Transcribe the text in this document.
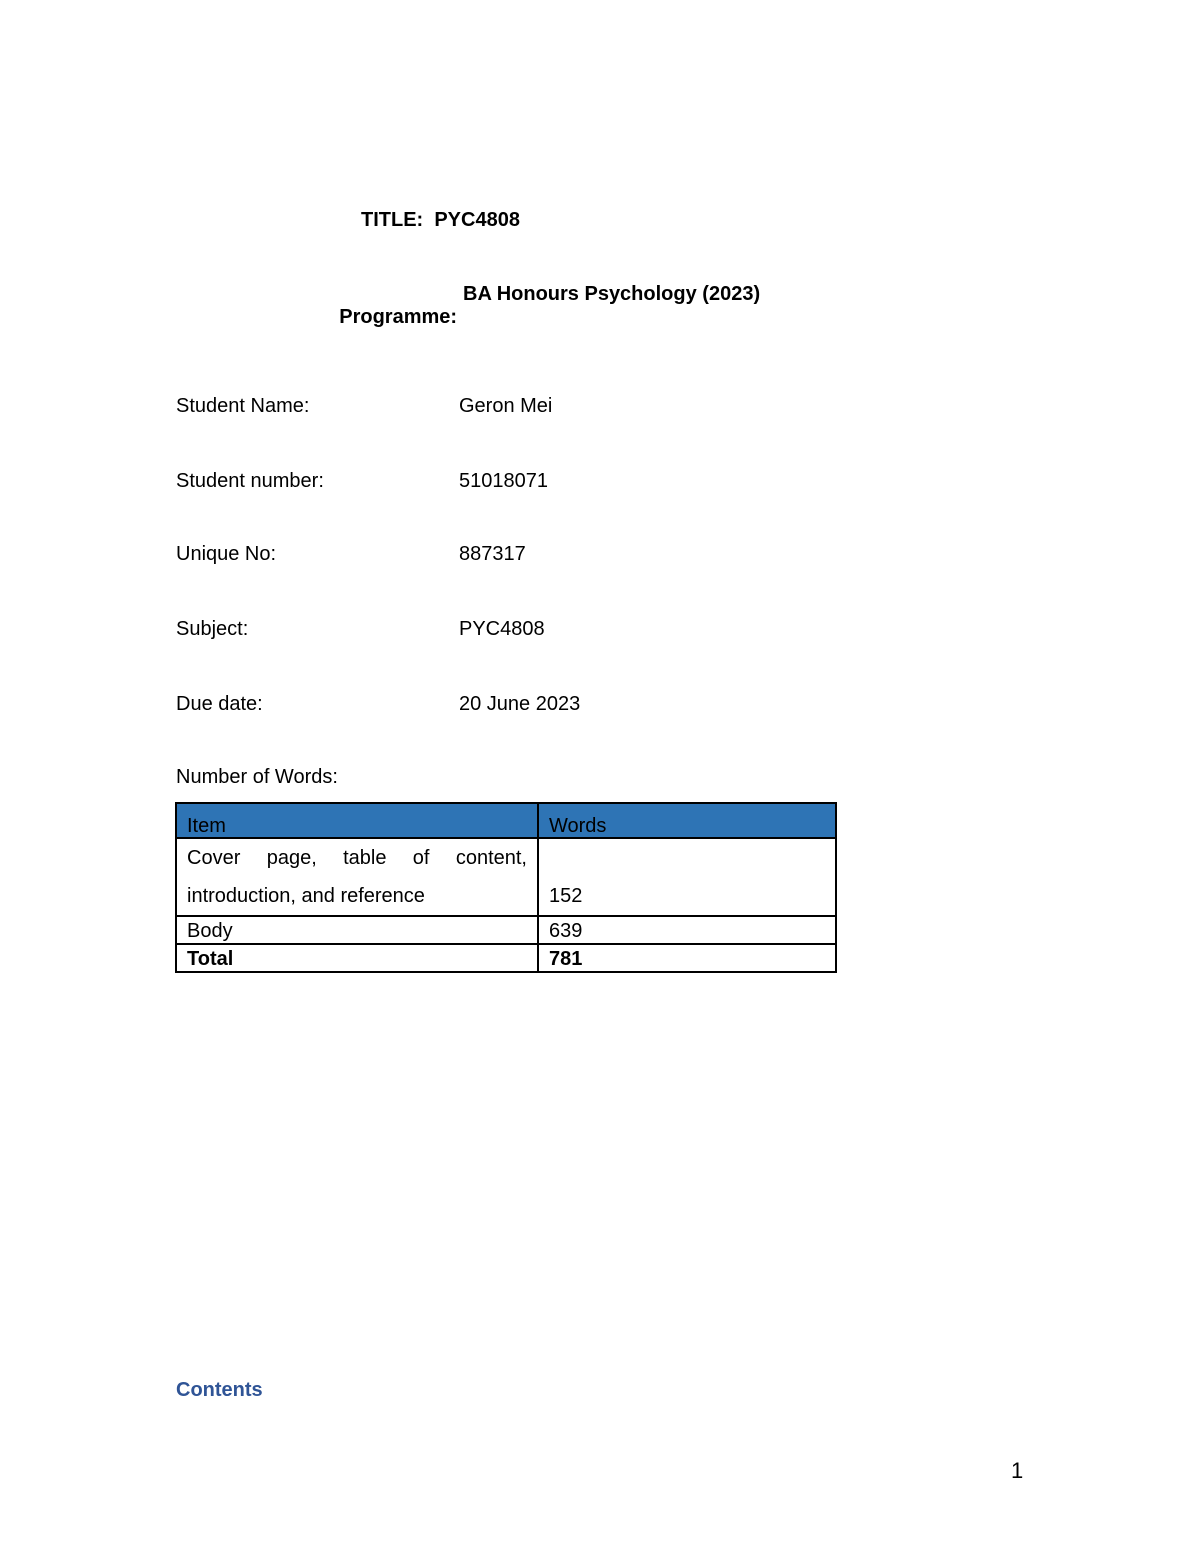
TITLE:  PYC4808

Programme:

BA Honours Psychology (2023)

Student Name:	Geron Mei
Student number:	51018071
Unique No:	887317
Subject:	PYC4808
Due date:	20 June 2023
Number of Words:
Item	Words
Cover page, table of content, introduction, and reference	152
Body	639
Total	781
Contents
1
